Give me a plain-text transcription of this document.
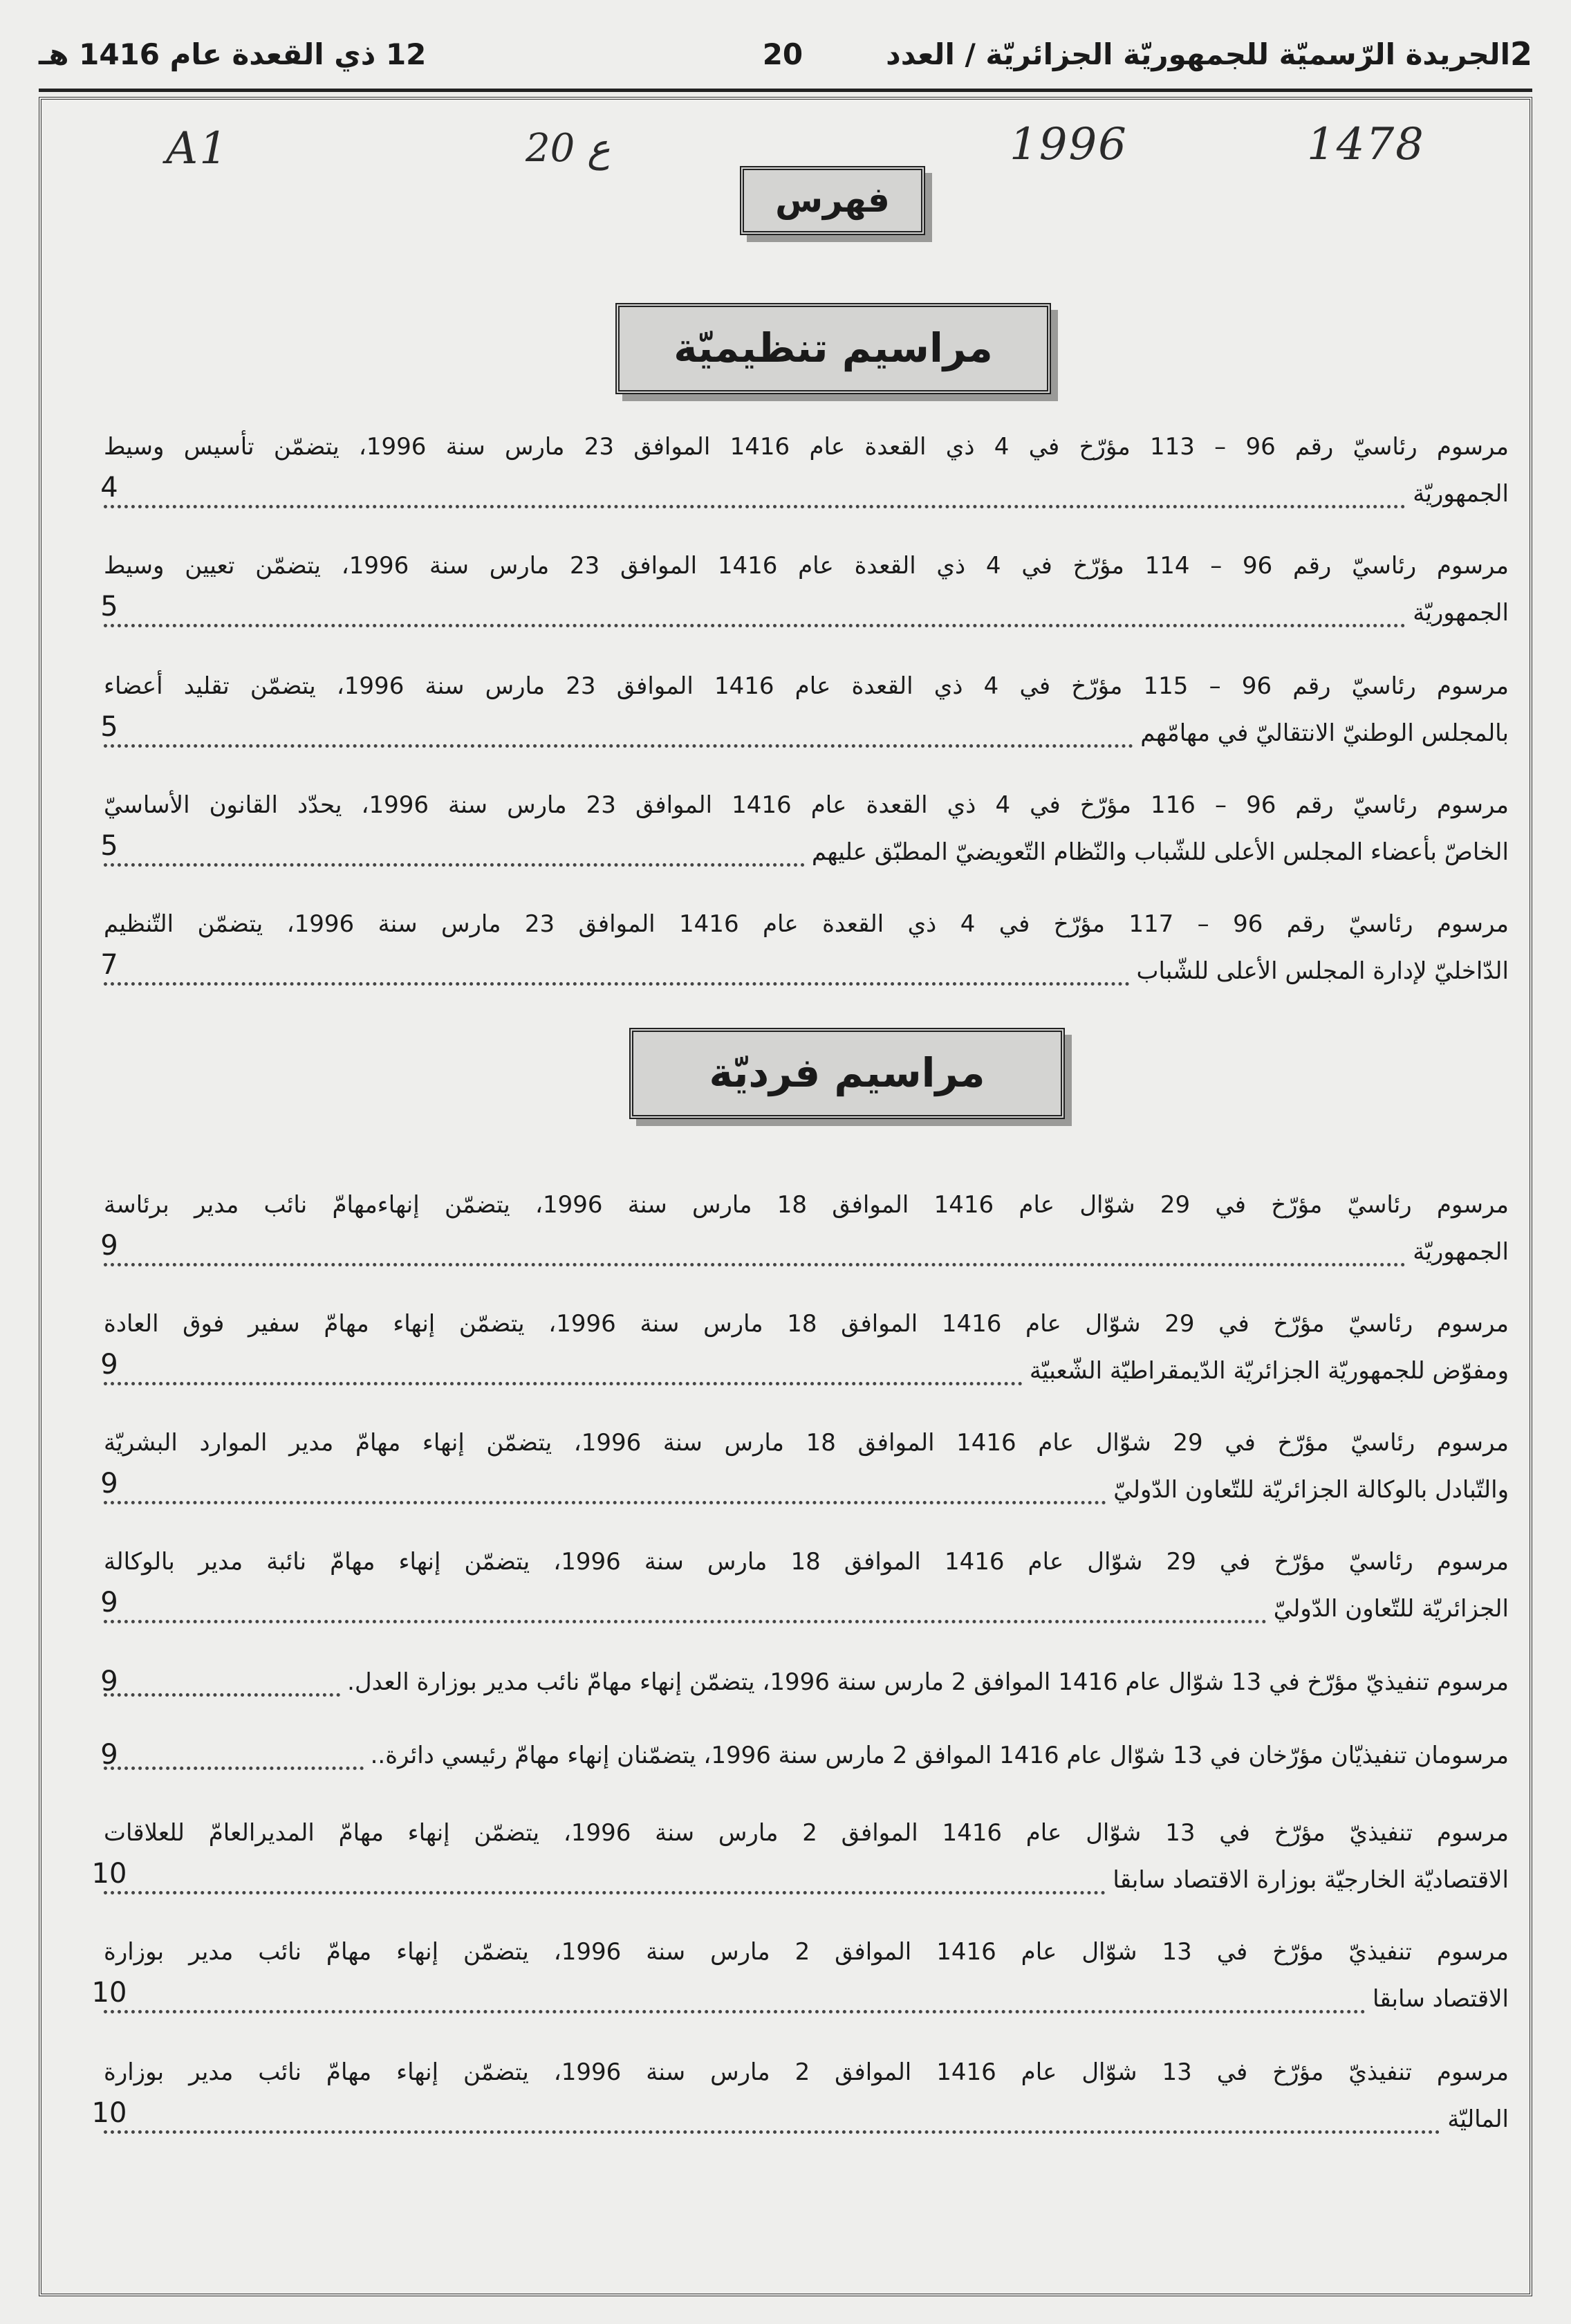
2
الجريدة الرّسميّة للجمهوريّة الجزائريّة / العدد
20
12 ذي القعدة عام 1416 هـ
A1	20 ع	1996	1478
فهرس
مراسيم تنظيميّة
مراسيم فرديّة
مرسوم رئاسيّ رقم 96 – 113 مؤرّخ في 4 ذي القعدة عام 1416 الموافق 23 مارس سنة 1996، يتضمّن تأسيس وسيط
الجمهوريّة
4
مرسوم رئاسيّ رقم 96 – 114 مؤرّخ في 4 ذي القعدة عام 1416 الموافق 23 مارس سنة 1996، يتضمّن تعيين وسيط
الجمهوريّة
5
مرسوم رئاسيّ رقم 96 – 115 مؤرّخ في 4 ذي القعدة عام 1416 الموافق 23 مارس سنة 1996، يتضمّن تقليد أعضاء
بالمجلس الوطنيّ الانتقاليّ في مهامّهم
5
مرسوم رئاسيّ رقم 96 – 116 مؤرّخ في 4 ذي القعدة عام 1416 الموافق 23 مارس سنة 1996، يحدّد القانون الأساسيّ
الخاصّ بأعضاء المجلس الأعلى للشّباب والنّظام التّعويضيّ المطبّق عليهم
5
مرسوم رئاسيّ رقم 96 – 117 مؤرّخ في 4 ذي القعدة عام 1416 الموافق 23 مارس سنة 1996، يتضمّن التّنظيم
الدّاخليّ لإدارة المجلس الأعلى للشّباب
7
مرسوم رئاسيّ مؤرّخ في 29 شوّال عام 1416 الموافق 18 مارس سنة 1996، يتضمّن إنهاءمهامّ نائب مدير برئاسة
الجمهوريّة
9
مرسوم رئاسيّ مؤرّخ في 29 شوّال عام 1416 الموافق 18 مارس سنة 1996، يتضمّن إنهاء مهامّ سفير فوق العادة
ومفوّض للجمهوريّة الجزائريّة الدّيمقراطيّة الشّعبيّة
9
مرسوم رئاسيّ مؤرّخ في 29 شوّال عام 1416 الموافق 18 مارس سنة 1996، يتضمّن إنهاء مهامّ مدير الموارد البشريّة
والتّبادل بالوكالة الجزائريّة للتّعاون الدّوليّ
9
مرسوم رئاسيّ مؤرّخ في 29 شوّال عام 1416 الموافق 18 مارس سنة 1996، يتضمّن إنهاء مهامّ نائبة مدير بالوكالة
الجزائريّة للتّعاون الدّوليّ
9
مرسوم تنفيذيّ مؤرّخ في 13 شوّال عام 1416 الموافق 2 مارس سنة 1996، يتضمّن إنهاء مهامّ نائب مدير بوزارة العدل.
9
مرسومان تنفيذيّان مؤرّخان في 13 شوّال عام 1416 الموافق 2 مارس سنة 1996، يتضمّنان إنهاء مهامّ رئيسي دائرة..
9
مرسوم تنفيذيّ مؤرّخ في 13 شوّال عام 1416 الموافق 2 مارس سنة 1996، يتضمّن إنهاء مهامّ المديرالعامّ للعلاقات
الاقتصاديّة الخارجيّة بوزارة الاقتصاد سابقا
10
مرسوم تنفيذيّ مؤرّخ في 13 شوّال عام 1416 الموافق 2 مارس سنة 1996، يتضمّن إنهاء مهامّ نائب مدير بوزارة
الاقتصاد سابقا
10
مرسوم تنفيذيّ مؤرّخ في 13 شوّال عام 1416 الموافق 2 مارس سنة 1996، يتضمّن إنهاء مهامّ نائب مدير بوزارة
الماليّة
10
